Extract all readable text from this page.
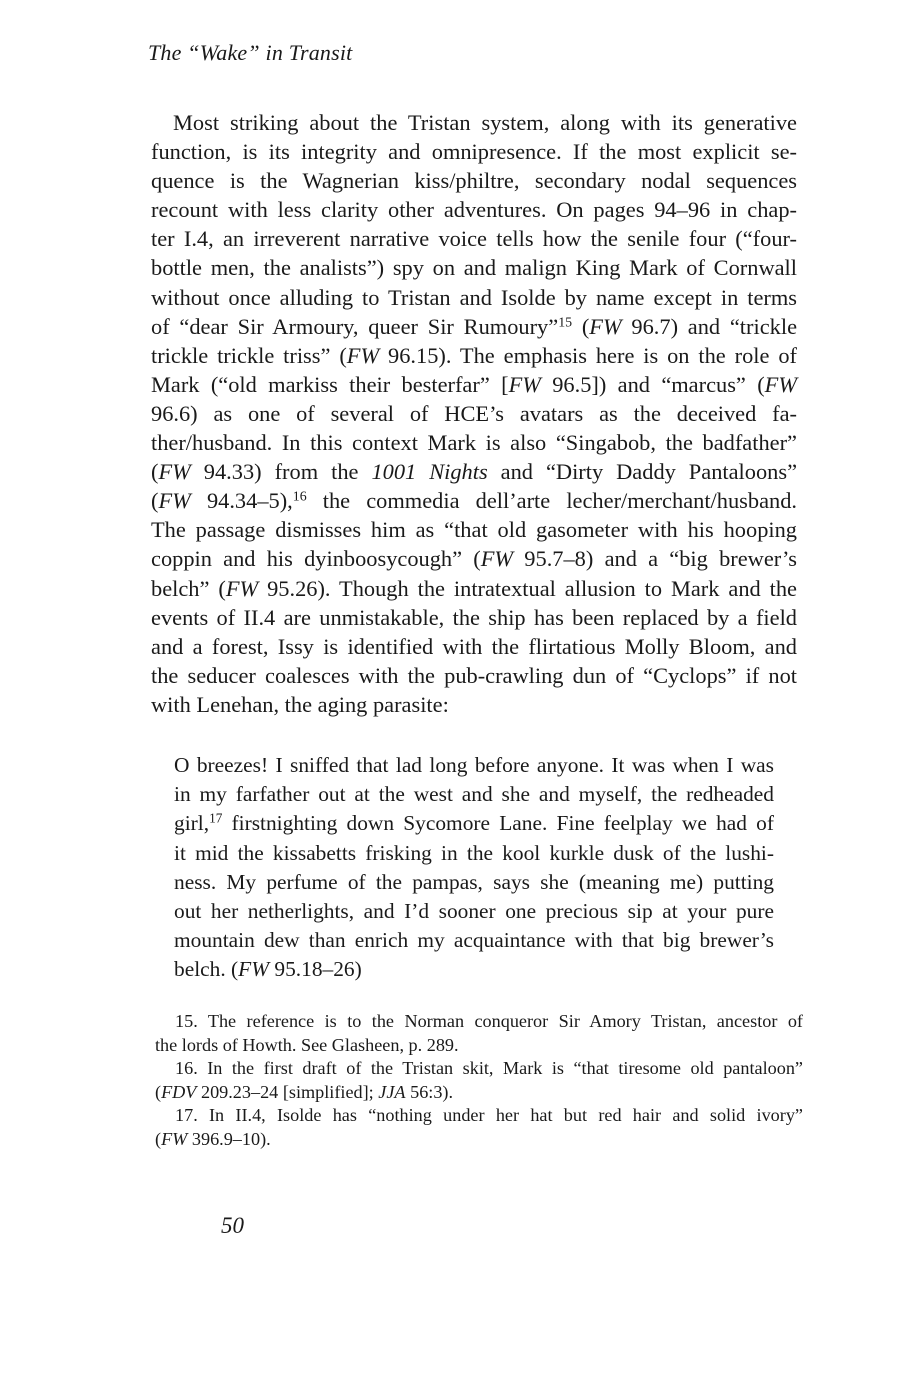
The “Wake” in Transit
Most striking about the Tristan system, along with its generative
function, is its integrity and omnipresence. If the most explicit se-
quence is the Wagnerian kiss/philtre, secondary nodal sequences
recount with less clarity other adventures. On pages 94–96 in chap-
ter I.4, an irreverent narrative voice tells how the senile four (“four-
bottle men, the analists”) spy on and malign King Mark of Cornwall
without once alluding to Tristan and Isolde by name except in terms
of “dear Sir Armoury, queer Sir Rumoury”$^{15}$ (FW 96.7) and “trickle
trickle trickle triss” (FW 96.15). The emphasis here is on the role of
Mark (“old markiss their besterfar” [FW 96.5]) and “marcus” (FW
96.6) as one of several of HCE’s avatars as the deceived fa-
ther/husband. In this context Mark is also “Singabob, the badfather”
(FW 94.33) from the 1001 Nights and “Dirty Daddy Pantaloons”
(FW 94.34–5),$^{16}$ the commedia dell’arte lecher/merchant/husband.
The passage dismisses him as “that old gasometer with his hooping
coppin and his dyinboosycough” (FW 95.7–8) and a “big brewer’s
belch” (FW 95.26). Though the intratextual allusion to Mark and the
events of II.4 are unmistakable, the ship has been replaced by a field
and a forest, Issy is identified with the flirtatious Molly Bloom, and
the seducer coalesces with the pub-crawling dun of “Cyclops” if not
with Lenehan, the aging parasite:
O breezes! I sniffed that lad long before anyone. It was when I was
in my farfather out at the west and she and myself, the redheaded
girl,$^{17}$ firstnighting down Sycomore Lane. Fine feelplay we had of
it mid the kissabetts frisking in the kool kurkle dusk of the lushi-
ness. My perfume of the pampas, says she (meaning me) putting
out her netherlights, and I’d sooner one precious sip at your pure
mountain dew than enrich my acquaintance with that big brewer’s
belch. (FW 95.18–26)
15. The reference is to the Norman conqueror Sir Amory Tristan, ancestor of
the lords of Howth. See Glasheen, p. 289.
16. In the first draft of the Tristan skit, Mark is “that tiresome old pantaloon”
(FDV 209.23–24 [simplified]; JJA 56:3).
17. In II.4, Isolde has “nothing under her hat but red hair and solid ivory”
(FW 396.9–10).
50
